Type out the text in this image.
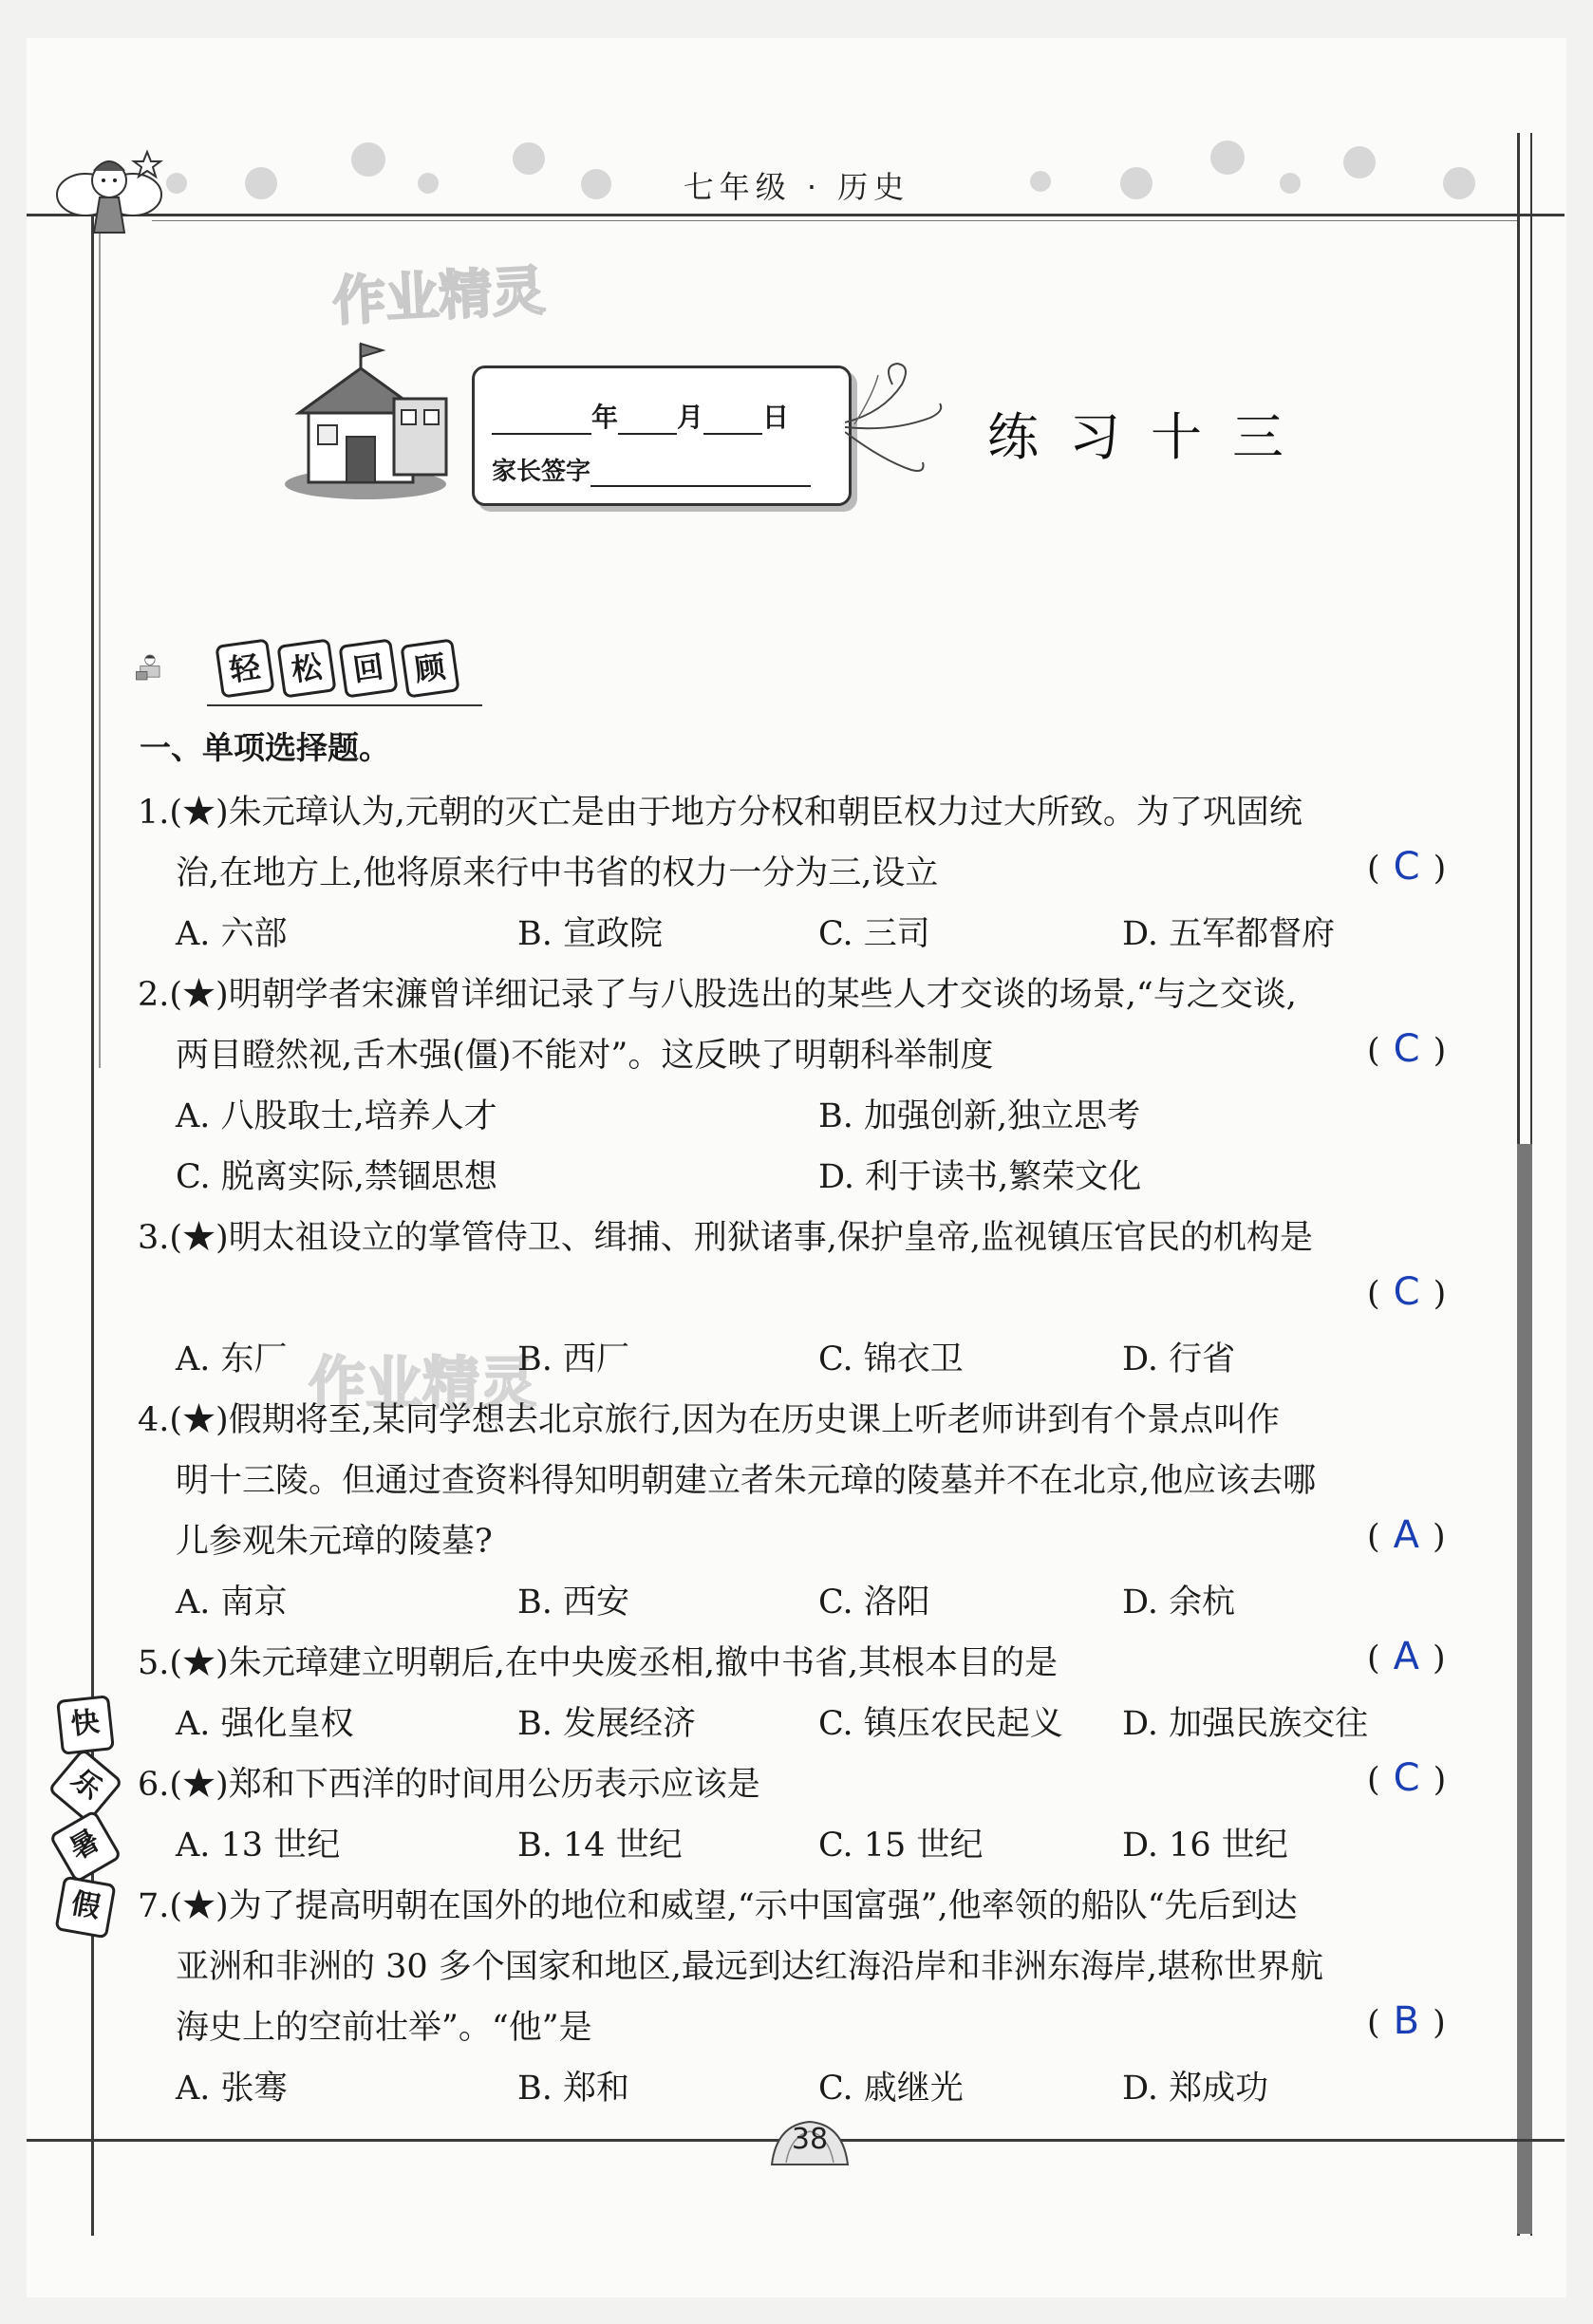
七年级 · 历史
作业精灵
作业精灵
年 月 日
家长签字
练习十三
轻 松 回 顾
一、单项选择题。
1.(★)朱元璋认为,元朝的灭亡是由于地方分权和朝臣权力过大所致。为了巩固统
治,在地方上,他将原来行中书省的权力一分为三,设立	( C )
A. 六部	B. 宣政院	C. 三司	D. 五军都督府
2.(★)明朝学者宋濂曾详细记录了与八股选出的某些人才交谈的场景,“与之交谈,
两目瞪然视,舌木强(僵)不能对”。这反映了明朝科举制度	( C )
A. 八股取士,培养人才	B. 加强创新,独立思考
C. 脱离实际,禁锢思想	D. 利于读书,繁荣文化
3.(★)明太祖设立的掌管侍卫、缉捕、刑狱诸事,保护皇帝,监视镇压官民的机构是
( C )
A. 东厂	B. 西厂	C. 锦衣卫	D. 行省
4.(★)假期将至,某同学想去北京旅行,因为在历史课上听老师讲到有个景点叫作
明十三陵。但通过查资料得知明朝建立者朱元璋的陵墓并不在北京,他应该去哪
儿参观朱元璋的陵墓?	( A )
A. 南京	B. 西安	C. 洛阳	D. 余杭
5.(★)朱元璋建立明朝后,在中央废丞相,撤中书省,其根本目的是	( A )
A. 强化皇权	B. 发展经济	C. 镇压农民起义 D. 加强民族交往
6.(★)郑和下西洋的时间用公历表示应该是	( C )
A. 13 世纪	B. 14 世纪	C. 15 世纪	D. 16 世纪
7.(★)为了提高明朝在国外的地位和威望,“示中国富强”,他率领的船队“先后到达
亚洲和非洲的 30 多个国家和地区,最远到达红海沿岸和非洲东海岸,堪称世界航
海史上的空前壮举”。“他”是	( B )
A. 张骞	B. 郑和	C. 戚继光	D. 郑成功
快
乐
暑
假
38
